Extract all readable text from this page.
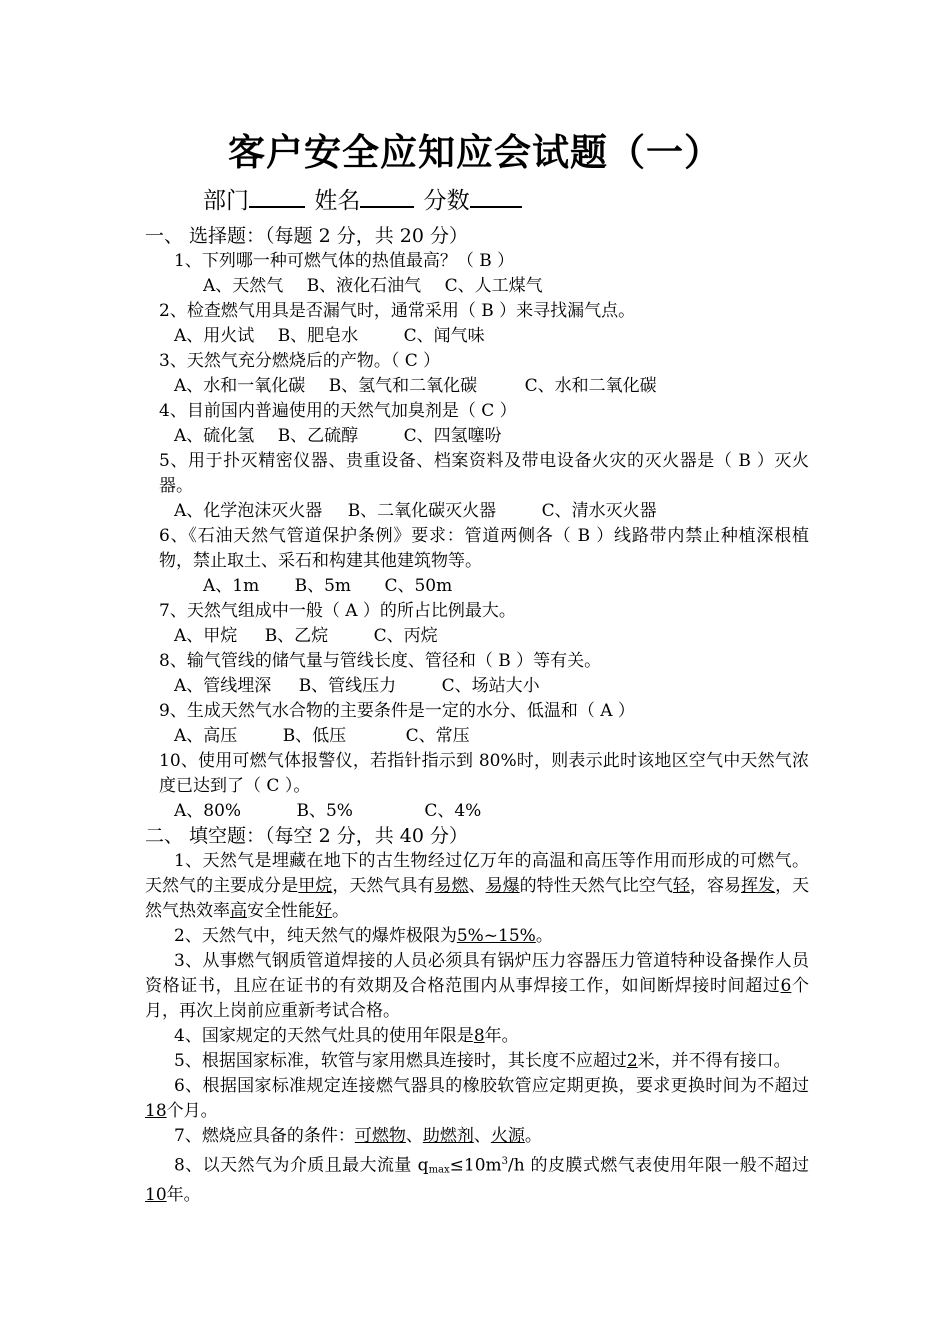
客户安全应知应会试题（一）
部门	姓名	分数
一、 选择题：（每题 2 分，共 20 分）
1、下列哪一种可燃气体的热值最高？（ B ）
A、天然气 B、液化石油气 C、人工煤气
2、检查燃气用具是否漏气时，通常采用（ B ）来寻找漏气点。
A、用火试 B、肥皂水	C、闻气味
3、天然气充分燃烧后的产物。（ C ）
A、水和一氧化碳 B、氢气和二氧化碳	C、水和二氧化碳
4、目前国内普遍使用的天然气加臭剂是（ C ）
A、硫化氢 B、乙硫醇	C、四氢噻吩
5、用于扑灭精密仪器、贵重设备、档案资料及带电设备火灾的灭火器是（ B ）灭火器。
A、化学泡沫灭火器 B、二氧化碳灭火器	C、清水灭火器
6、《石油天然气管道保护条例》要求：管道两侧各（ B ）线路带内禁止种植深根植物，禁止取土、采石和构建其他建筑物等。
A、1m B、5m C、50m
7、天然气组成中一般（ A ）的所占比例最大。
A、甲烷 B、乙烷	C、丙烷
8、输气管线的储气量与管线长度、管径和（ B ）等有关。
A、管线埋深 B、管线压力	C、场站大小
9、生成天然气水合物的主要条件是一定的水分、低温和（ A ）
A、高压	B、低压	C、常压
10、使用可燃气体报警仪，若指针指示到 80%时，则表示此时该地区空气中天然气浓度已达到了（ C ）。
A、80%	B、5%	C、4%
二、 填空题：（每空 2 分，共 40 分）
1、天然气是埋藏在地下的古生物经过亿万年的高温和高压等作用而形成的可燃气。天然气的主要成分是甲烷，天然气具有易燃、易爆的特性天然气比空气轻，容易挥发，天然气热效率高安全性能好。
2、天然气中，纯天然气的爆炸极限为5%~15%。
3、从事燃气钢质管道焊接的人员必须具有锅炉压力容器压力管道特种设备操作人员资格证书，且应在证书的有效期及合格范围内从事焊接工作，如间断焊接时间超过6个月，再次上岗前应重新考试合格。
4、国家规定的天然气灶具的使用年限是8年。
5、根据国家标准，软管与家用燃具连接时，其长度不应超过2米，并不得有接口。
6、根据国家标准规定连接燃气器具的橡胶软管应定期更换，要求更换时间为不超过18个月。
7、燃烧应具备的条件：可燃物、助燃剂、火源。
8、以天然气为介质且最大流量 $q_{max}\le 10m^3/h$ 的皮膜式燃气表使用年限一般不超过10年。
